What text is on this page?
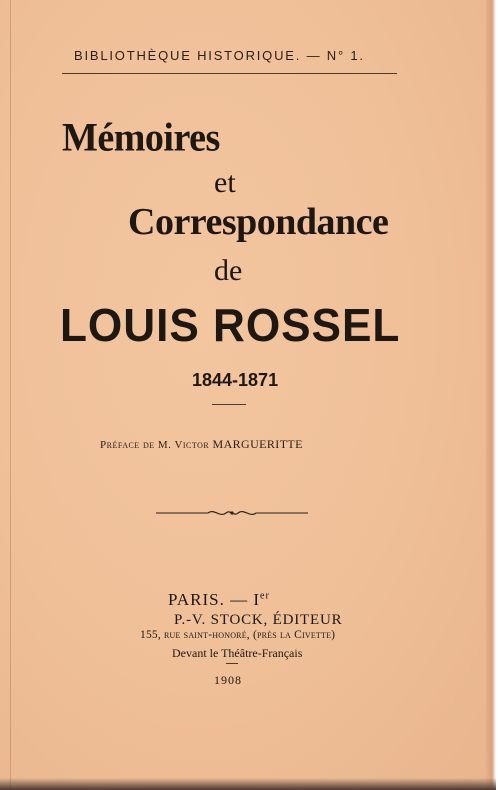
BIBLIOTHÈQUE HISTORIQUE. — N° 1.
Mémoires
et
Correspondance
de
LOUIS ROSSEL
1844-1871
Préface de M. Victor MARGUERITTE
PARIS. — Ier
P.-V. STOCK, ÉDITEUR
155, rue saint-honoré, (près la Civette)
Devant le Théâtre-Français
1908
